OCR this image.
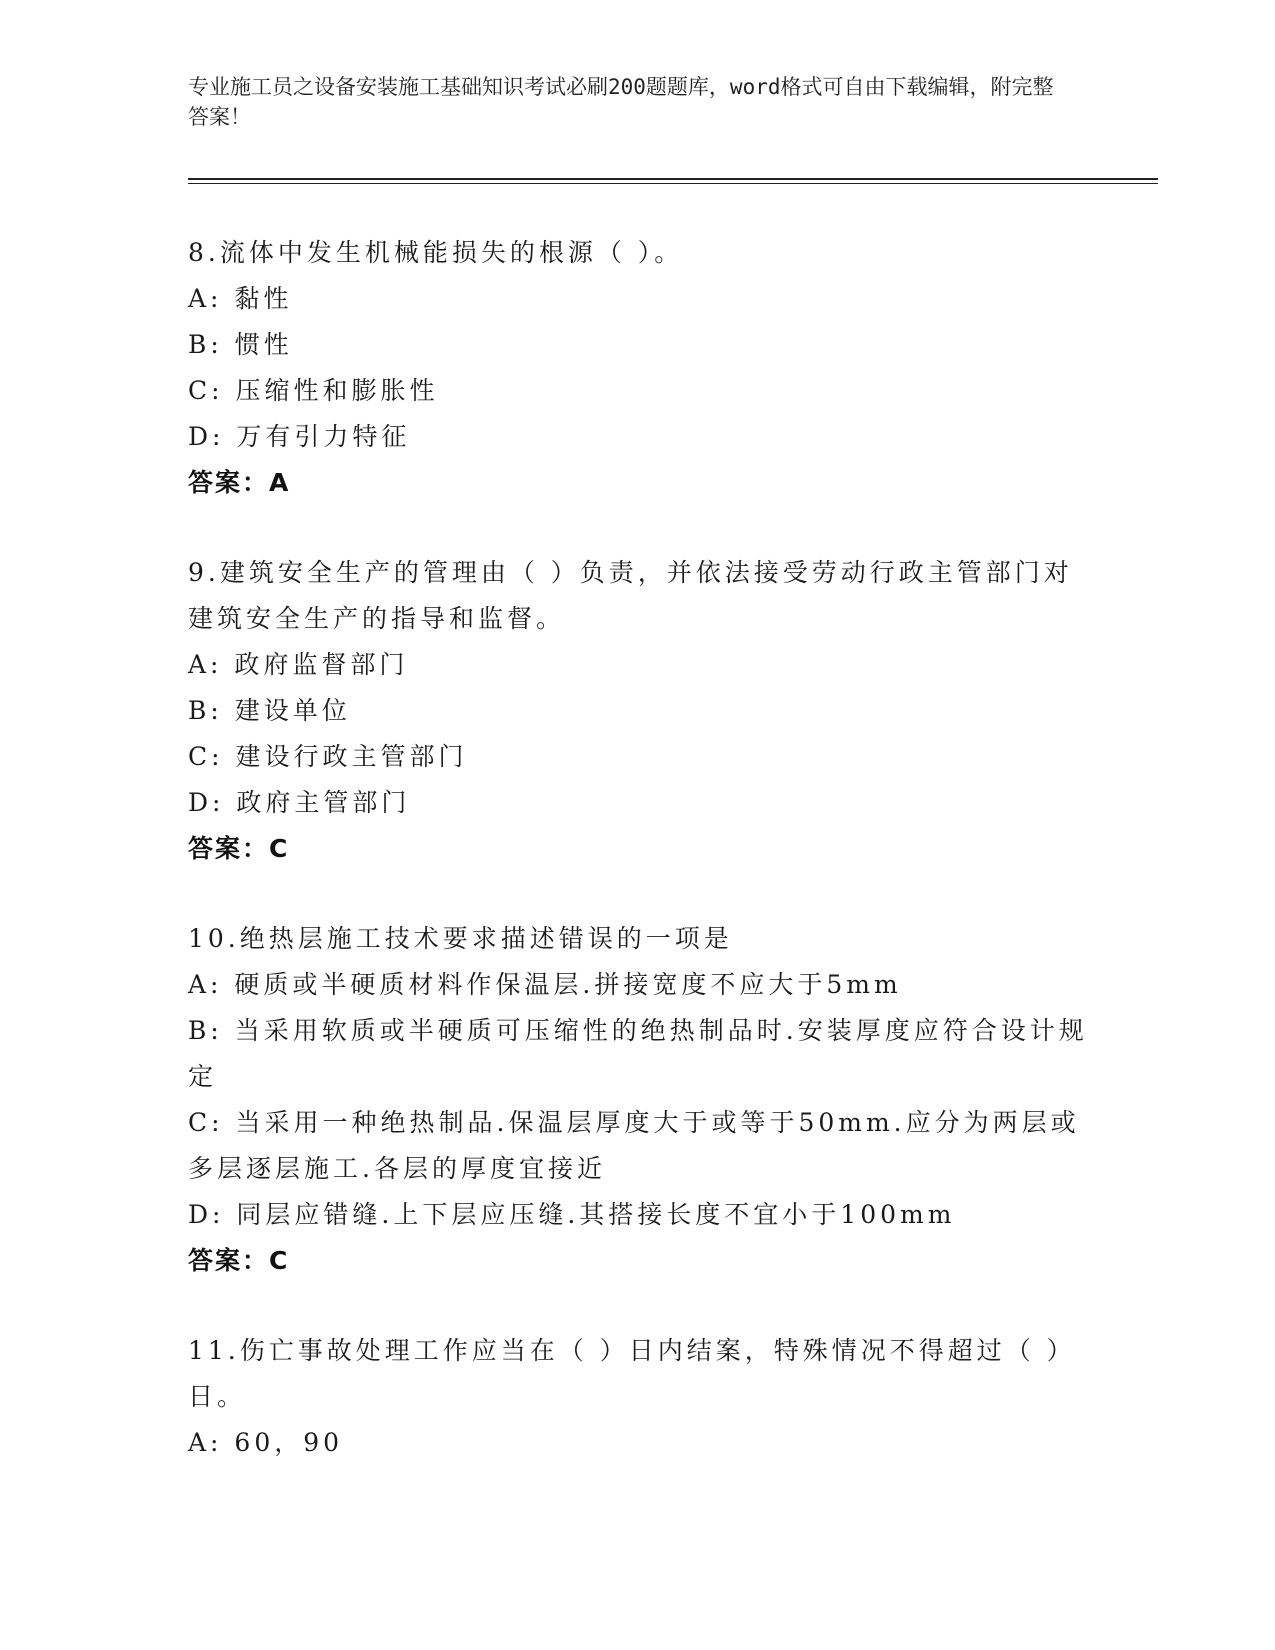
专业施工员之设备安装施工基础知识考试必刷200题题库，word格式可自由下载编辑，附完整答案！
8.流体中发生机械能损失的根源（ ）。
A: 黏性
B: 惯性
C: 压缩性和膨胀性
D: 万有引力特征
答案：A
9.建筑安全生产的管理由（ ）负责，并依法接受劳动行政主管部门对建筑安全生产的指导和监督。
A: 政府监督部门
B: 建设单位
C: 建设行政主管部门
D: 政府主管部门
答案：C
10.绝热层施工技术要求描述错误的一项是
A: 硬质或半硬质材料作保温层.拼接宽度不应大于5mm
B: 当采用软质或半硬质可压缩性的绝热制品时.安装厚度应符合设计规定
C: 当采用一种绝热制品.保温层厚度大于或等于50mm.应分为两层或多层逐层施工.各层的厚度宜接近
D: 同层应错缝.上下层应压缝.其搭接长度不宜小于100mm
答案：C
11.伤亡事故处理工作应当在（ ）日内结案，特殊情况不得超过（ ）日。
A: 60，90
